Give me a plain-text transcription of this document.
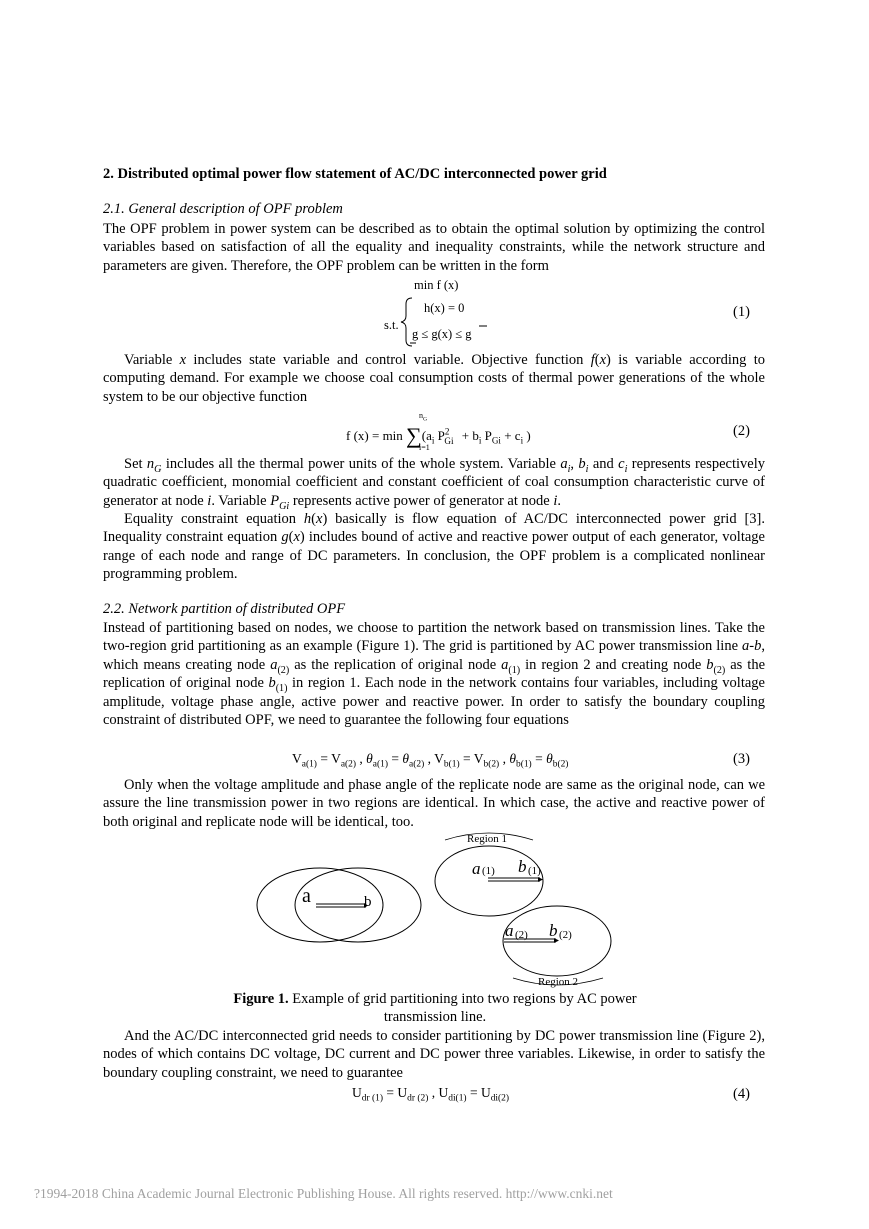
2. Distributed optimal power flow statement of AC/DC interconnected power grid
2.1. General description of OPF problem
The OPF problem in power system can be described as to obtain the optimal solution by optimizing the control variables based on satisfaction of all the equality and inequality constraints, while the network structure and parameters are given. Therefore, the OPF problem can be written in the form
min f (x)
s.t.
h(x) = 0
g ≤ g(x) ≤ g
(1)
Variable x includes state variable and control variable. Objective function f(x) is variable according to computing demand. For example we choose coal consumption costs of thermal power generations of the whole system to be our objective function
f $(x) = \min \sum(a_i$ $P^2_{Gi} + b_i$ $P_{Gi} + c_i$ )
$n_G$
i=1
(2)
Set $n_G$ includes all the thermal power units of the whole system. Variable $a_i$, $b_i$ and $c_i$ represents respectively quadratic coefficient, monomial coefficient and constant coefficient of coal consumption characteristic curve of generator at node i. Variable $P_{Gi}$ represents active power of generator at node i.
Equality constraint equation h(x) basically is flow equation of AC/DC interconnected power grid [3]. Inequality constraint equation g(x) includes bound of active and reactive power output of each generator, voltage range of each node and range of DC parameters. In conclusion, the OPF problem is a complicated nonlinear programming problem.
2.2. Network partition of distributed OPF
Instead of partitioning based on nodes, we choose to partition the network based on transmission lines. Take the two-region grid partitioning as an example (Figure 1). The grid is partitioned by AC power transmission line a-b, which means creating node $a_{(2)}$ as the replication of original node $a_{(1)}$ in region 2 and creating node $b_{(2)}$ as the replication of original node $b_{(1)}$ in region 1. Each node in the network contains four variables, including voltage amplitude, voltage phase angle, active power and reactive power. In order to satisfy the boundary coupling constraint of distributed OPF, we need to guarantee the following four equations
$V_{a(1)} = V_{a(2)}$ , $\theta_{a(1)} = \theta_{a(2)}$ , $V_{b(1)} = V_{b(2)}$ , $\theta_{b(1)} = \theta_{b(2)}$	(3)
Only when the voltage amplitude and phase angle of the replicate node are same as the original node, can we assure the line transmission power in two regions are identical. In which case, the active and reactive power of both original and replicate node will be identical, too.
a	b
Region 1
a (1) b (1)
Region 2
a (2) b (2)
Figure 1. Example of grid partitioning into two regions by AC power transmission line.
And the AC/DC interconnected grid needs to consider partitioning by DC power transmission line (Figure 2), nodes of which contains DC voltage, DC current and DC power three variables. Likewise, in order to satisfy the boundary coupling constraint, we need to guarantee
$U_{dr (1)} = U_{dr (2)}$ , $U_{di(1)} = U_{di(2)}$	(4)
?1994-2018 China Academic Journal Electronic Publishing House. All rights reserved. http://www.cnki.net
